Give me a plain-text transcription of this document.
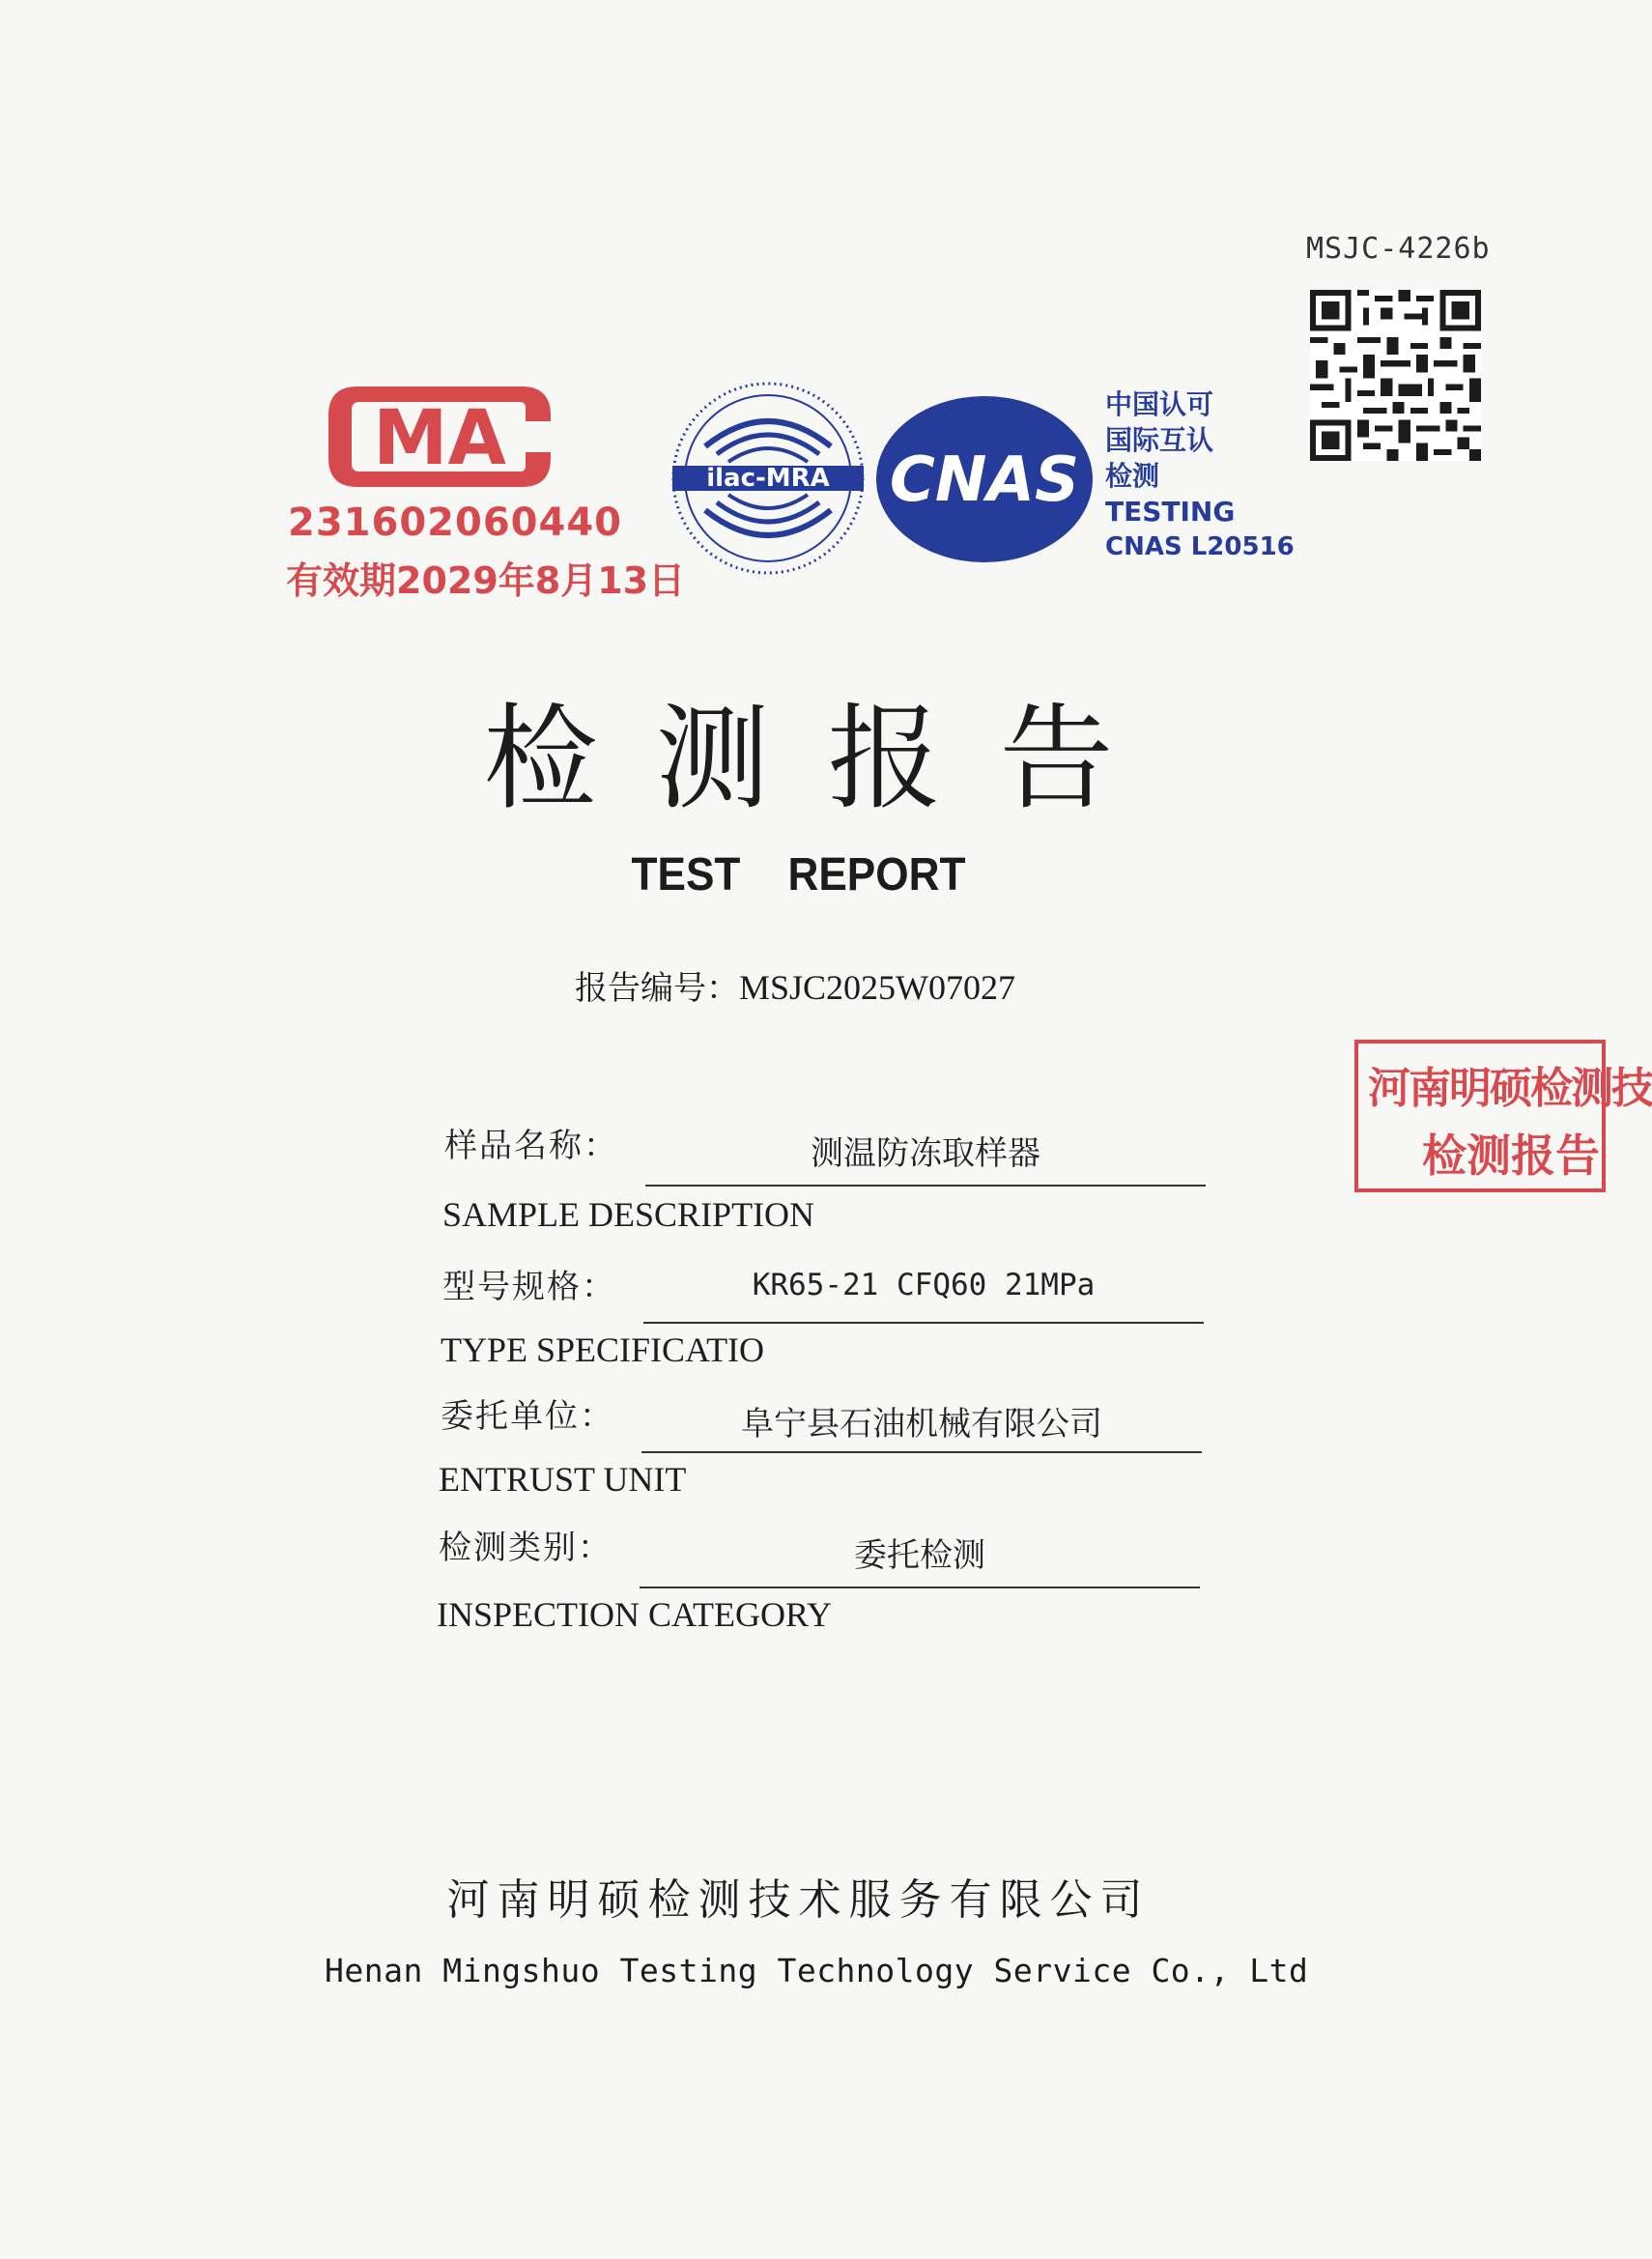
MSJC-4226b
MA
231602060440
有效期2029年8月13日
ilac-MRA CNAS
中国认可
国际互认
检测
TESTING
CNAS L20516
检测报告
TEST REPORT
报告编号：MSJC2025W07027
样品名称：	测温防冻取样器
SAMPLE DESCRIPTION
型号规格：	KR65-21 CFQ60 21MPa
TYPE SPECIFICATIO
委托单位：	阜宁县石油机械有限公司
ENTRUST UNIT
检测类别：	委托检测
INSPECTION CATEGORY
河南明硕检测技
检测报告
河南明硕检测技术服务有限公司
Henan Mingshuo Testing Technology Service Co., Ltd
